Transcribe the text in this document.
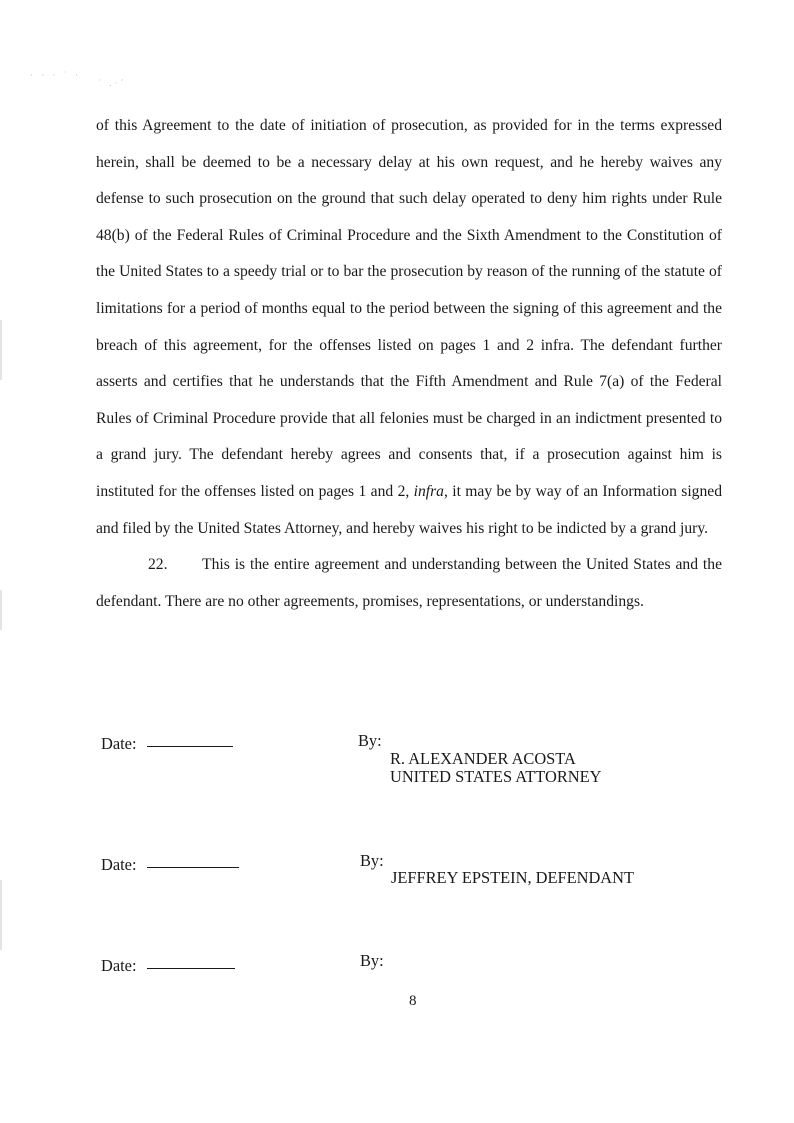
· · · ˙ ·
˙ .·´

of this Agreement to the date of initiation of prosecution, as provided for in the terms expressed herein, shall be deemed to be a necessary delay at his own request, and he hereby waives any defense to such prosecution on the ground that such delay operated to deny him rights under Rule 48(b) of the Federal Rules of Criminal Procedure and the Sixth Amendment to the Constitution of the United States to a speedy trial or to bar the prosecution by reason of the running of the statute of limitations for a period of months equal to the period between the signing of this agreement and the breach of this agreement, for the offenses listed on pages 1 and 2 infra. The defendant further asserts and certifies that he understands that the Fifth Amendment and Rule 7(a) of the Federal Rules of Criminal Procedure provide that all felonies must be charged in an indictment presented to a grand jury. The defendant hereby agrees and consents that, if a prosecution against him is instituted for the offenses listed on pages 1 and 2, infra, it may be by way of an Information signed and filed by the United States Attorney, and hereby waives his right to be indicted by a grand jury.

22. This is the entire agreement and understanding between the United States and the defendant. There are no other agreements, promises, representations, or understandings.

Date:	By:
R. ALEXANDER ACOSTA
UNITED STATES ATTORNEY
Date:	By:
JEFFREY EPSTEIN, DEFENDANT
Date:	By:
8
